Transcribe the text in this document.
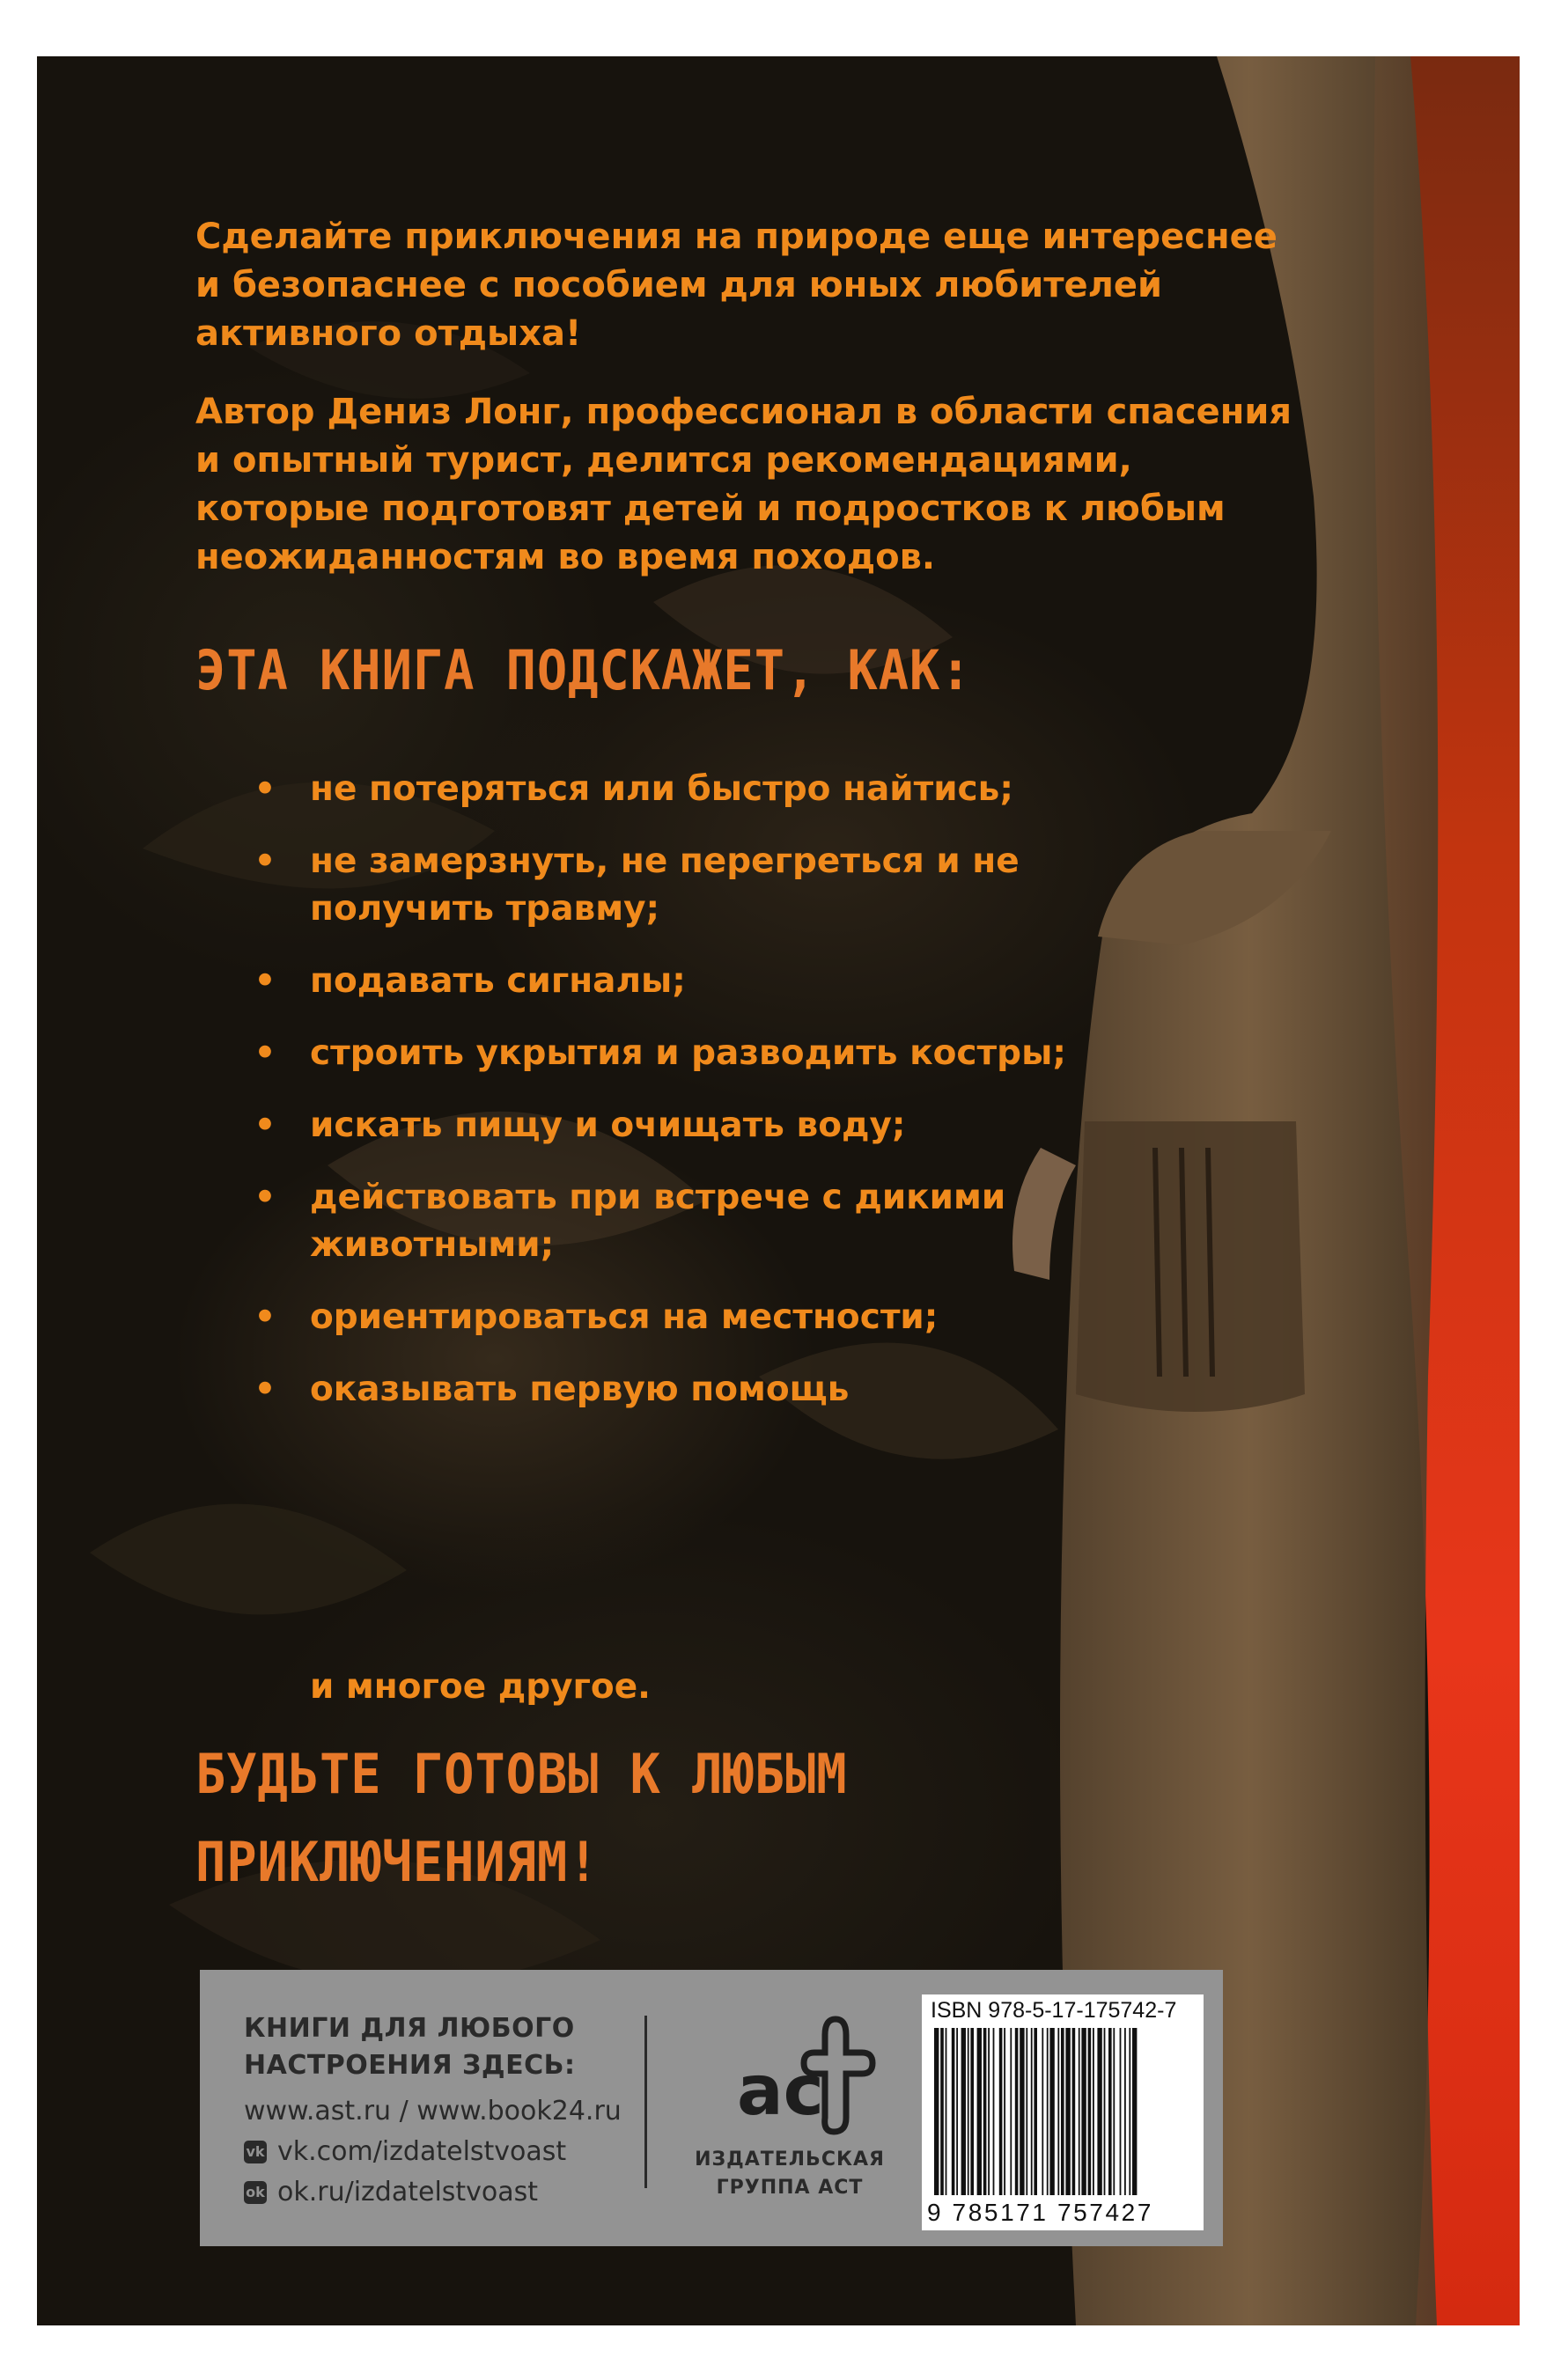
Сделайте приключения на природе еще интереснее и безопаснее с пособием для юных любителей активного отдыха!

Автор Дениз Лонг, профессионал в области спасения и опытный турист, делится рекомендациями, которые подготовят детей и подростков к любым неожиданностям во время походов.

ЭТА КНИГА ПОДСКАЖЕТ, КАК:

• не потеряться или быстро найтись;
• не замерзнуть, не перегреться и не получить травму;
• подавать сигналы;
• строить укрытия и разводить костры;
• искать пищу и очищать воду;
• действовать при встрече с дикими животными;
• ориентироваться на местности;
• оказывать первую помощь

и многое другое.

БУДЬТЕ ГОТОВЫ К ЛЮБЫМ
ПРИКЛЮЧЕНИЯМ!
КНИГИ ДЛЯ ЛЮБОГО
НАСТРОЕНИЯ ЗДЕСЬ:
www.ast.ru / www.book24.ru
vk vk.com/izdatelstvoast
ok ok.ru/izdatelstvoast
ac
ИЗДАТЕЛЬСКАЯ
ГРУППА АСТ
ISBN 978-5-17-175742-7
9 785171 757427
